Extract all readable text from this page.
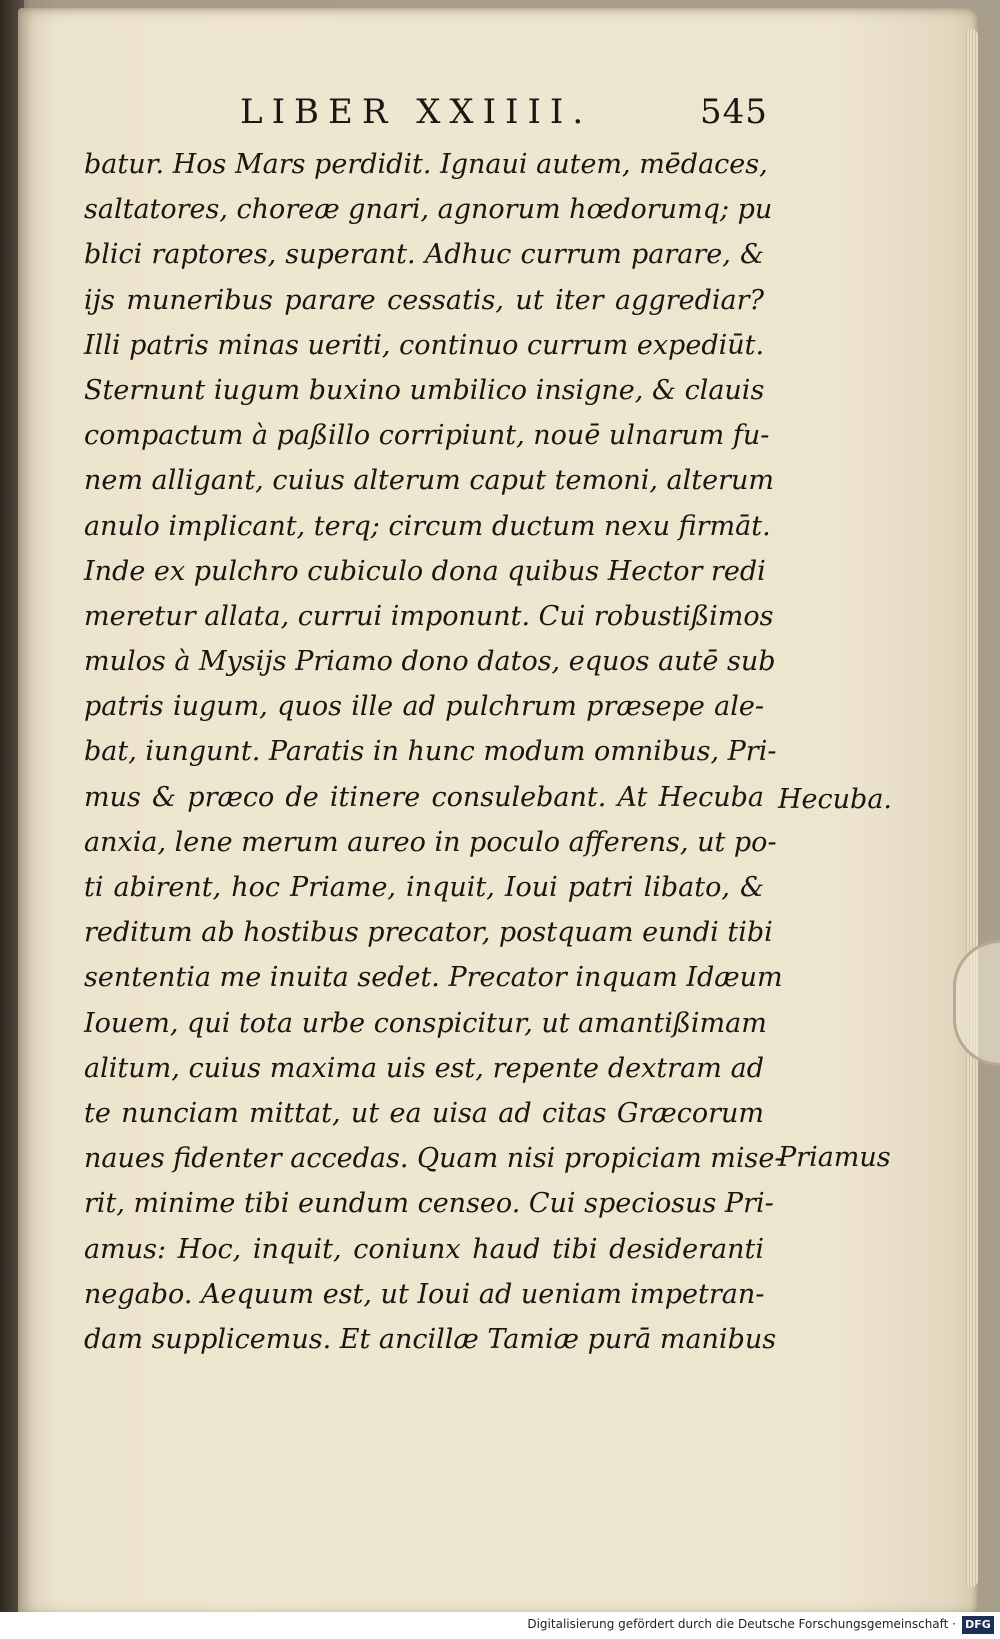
LIBER XXIIII.	545
batur. Hos Mars perdidit. Ignaui autem, mēdaces,
saltatores, choreæ gnari, agnorum hœdorumq; pu
blici raptores, superant. Adhuc currum parare, &
ijs muneribus parare cessatis, ut iter aggrediar?
Illi patris minas ueriti, continuo currum expediūt.
Sternunt iugum buxino umbilico insigne, & clauis
compactum à paßillo corripiunt, nouē ulnarum fu-
nem alligant, cuius alterum caput temoni, alterum
anulo implicant, terq; circum ductum nexu firmāt.
Inde ex pulchro cubiculo dona quibus Hector redi
meretur allata, currui imponunt. Cui robustißimos
mulos à Mysijs Priamo dono datos, equos autē sub
patris iugum, quos ille ad pulchrum præsepe ale-
bat, iungunt. Paratis in hunc modum omnibus, Pri-
mus & præco de itinere consulebant. At Hecuba
anxia, lene merum aureo in poculo afferens, ut po-
ti abirent, hoc Priame, inquit, Ioui patri libato, &
reditum ab hostibus precator, postquam eundi tibi
sententia me inuita sedet. Precator inquam Idæum
Iouem, qui tota urbe conspicitur, ut amantißimam
alitum, cuius maxima uis est, repente dextram ad
te nunciam mittat, ut ea uisa ad citas Græcorum
naues fidenter accedas. Quam nisi propiciam mise-
rit, minime tibi eundum censeo. Cui speciosus Pri-
amus: Hoc, inquit, coniunx haud tibi desideranti
negabo. Aequum est, ut Ioui ad ueniam impetran-
dam supplicemus. Et ancillæ Tamiæ purā manibus
Hecuba.
Priamus
Digitalisierung gefördert durch die Deutsche Forschungsgemeinschaft · DFG
